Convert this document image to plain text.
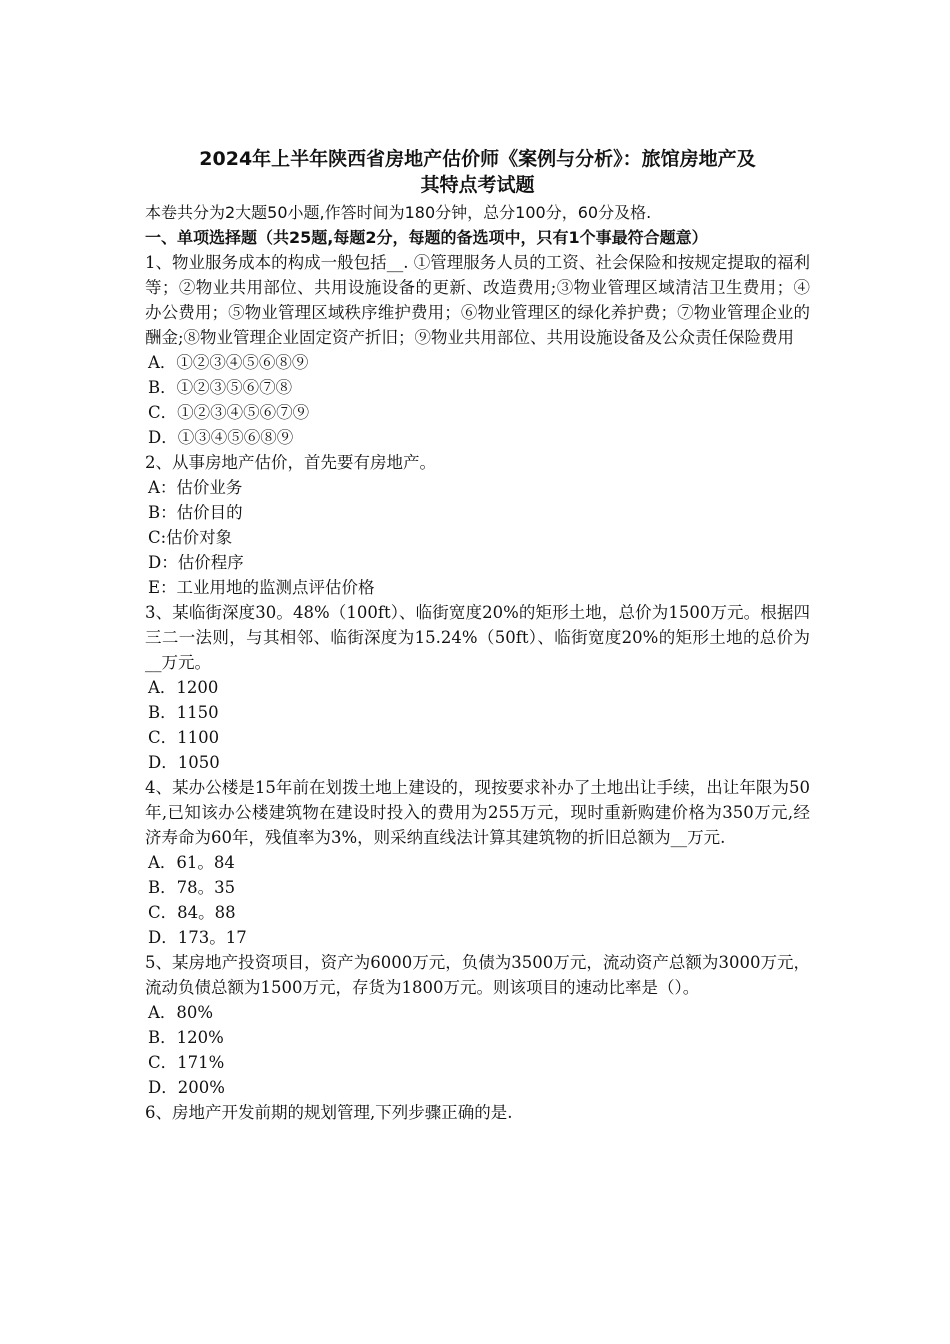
2024年上半年陕西省房地产估价师《案例与分析》：旅馆房地产及
其特点考试题
本卷共分为2大题50小题,作答时间为180分钟，总分100分，60分及格.
一、单项选择题（共25题,每题2分，每题的备选项中，只有1个事最符合题意）
1、物业服务成本的构成一般包括__. ①管理服务人员的工资、社会保险和按规定提取的福利等；②物业共用部位、共用设施设备的更新、改造费用;③物业管理区域清洁卫生费用；④办公费用；⑤物业管理区域秩序维护费用；⑥物业管理区的绿化养护费；⑦物业管理企业的酬金;⑧物业管理企业固定资产折旧；⑨物业共用部位、共用设施设备及公众责任保险费用
A．①②③④⑤⑥⑧⑨
B．①②③⑤⑥⑦⑧
C．①②③④⑤⑥⑦⑨
D．①③④⑤⑥⑧⑨
2、从事房地产估价，首先要有房地产。
A：估价业务
B：估价目的
C:估价对象
D：估价程序
E：工业用地的监测点评估价格
3、某临街深度30。48%（100ft）、临街宽度20%的矩形土地，总价为1500万元。根据四三二一法则，与其相邻、临街深度为15.24%（50ft）、临街宽度20%的矩形土地的总价为__万元。
A．1200
B．1150
C．1100
D．1050
4、某办公楼是15年前在划拨土地上建设的，现按要求补办了土地出让手续，出让年限为50年,已知该办公楼建筑物在建设时投入的费用为255万元，现时重新购建价格为350万元,经济寿命为60年，残值率为3%，则采纳直线法计算其建筑物的折旧总额为__万元.
A．61。84
B．78。35
C．84。88
D．173。17
5、某房地产投资项目，资产为6000万元，负债为3500万元，流动资产总额为3000万元，流动负债总额为1500万元，存货为1800万元。则该项目的速动比率是（）。
A．80%
B．120%
C．171%
D．200%
6、房地产开发前期的规划管理,下列步骤正确的是.
